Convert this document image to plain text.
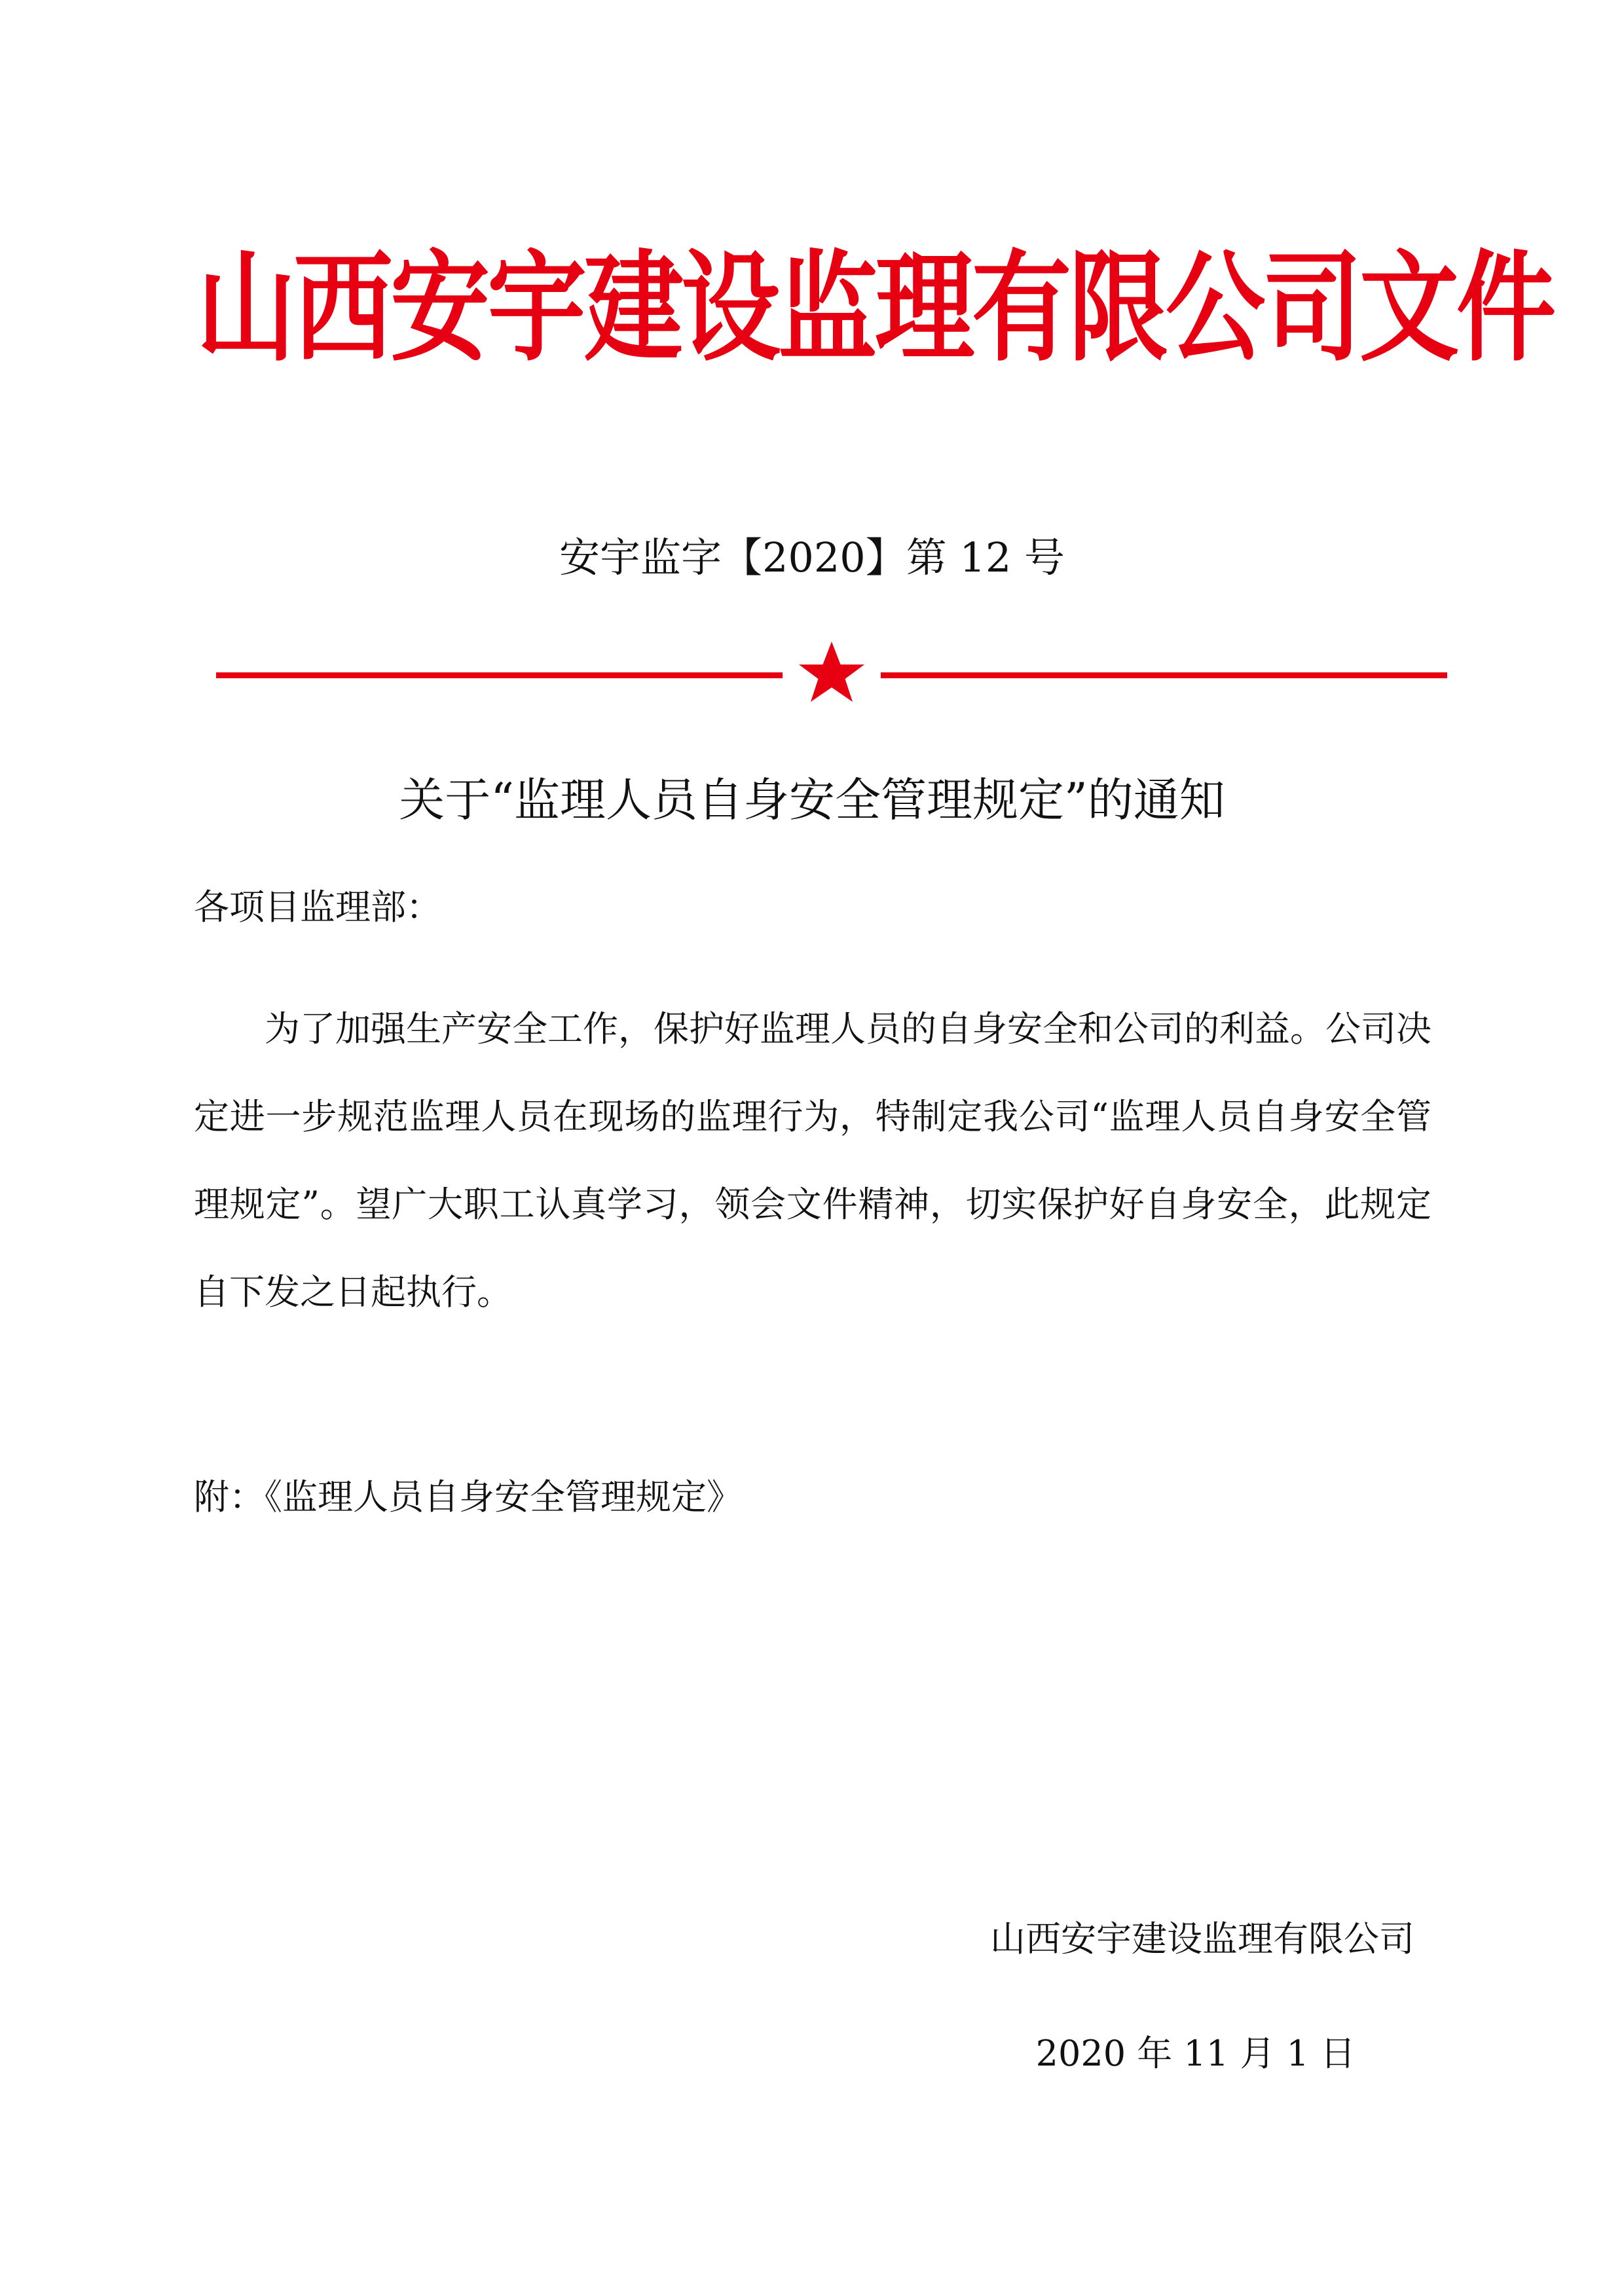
山西安宇建设监理有限公司文件
安宇监字【2020】第 12 号
关于“监理人员自身安全管理规定”的通知
各项目监理部：
为了加强生产安全工作，保护好监理人员的自身安全和公司的利益。公司决定进一步规范监理人员在现场的监理行为，特制定我公司“监理人员自身安全管理规定”。望广大职工认真学习，领会文件精神，切实保护好自身安全，此规定自下发之日起执行。
附：《监理人员自身安全管理规定》
山西安宇建设监理有限公司
2020 年 11 月 1 日
